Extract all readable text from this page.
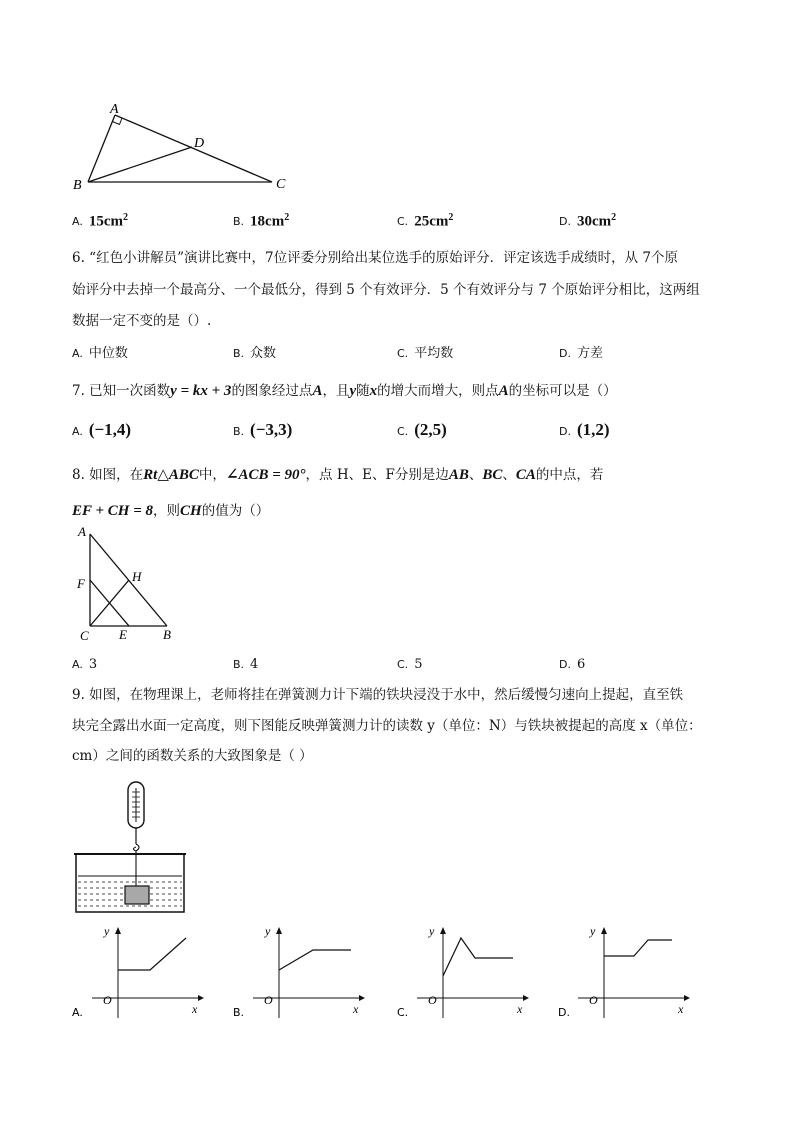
A
D
B	C
A. $15cm^2$	B. $18cm^2$	C. $25cm^2$	D. $30cm^2$
6. “红色小讲解员”演讲比赛中，7位评委分别给出某位选手的原始评分．评定该选手成绩时，从 7个原
始评分中去掉一个最高分、一个最低分，得到 5 个有效评分．5 个有效评分与 7 个原始评分相比，这两组
数据一定不变的是（）.
A. 中位数	B. 众数	C. 平均数	D. 方差
7. 已知一次函数y = kx + 3的图象经过点A，且y随x的增大而增大，则点A的坐标可以是（）
A. (−1,4)	B. (−3,3)	C. (2,5)	D. (1,2)
8. 如图，在Rt△ABC中，∠ACB = 90°，点 H、E、F分别是边AB、BC、CA的中点，若
EF + CH = 8，则CH的值为（）
A
F	H
C E	B
A. 3	B. 4	C. 5	D. 6
9. 如图，在物理课上，老师将挂在弹簧测力计下端的铁块浸没于水中，然后缓慢匀速向上提起，直至铁
块完全露出水面一定高度，则下图能反映弹簧测力计的读数 y（单位：N）与铁块被提起的高度 x（单位：
cm）之间的函数关系的大致图象是（ ）
y
O
x
A.
y
O
x
B.
y
O
x
C.
y
O
x
D.
